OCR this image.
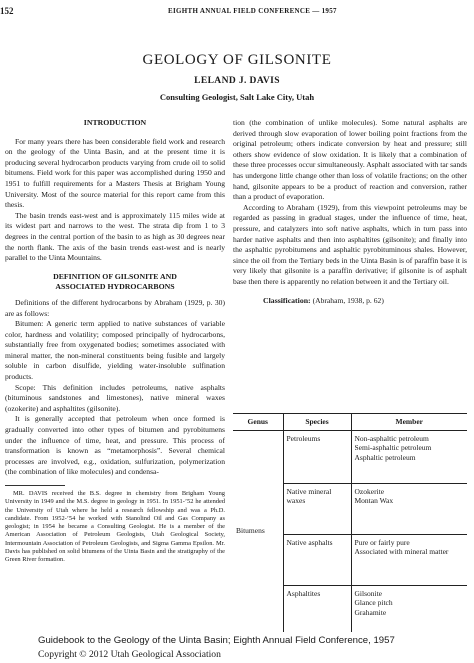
152	EIGHTH ANNUAL FIELD CONFERENCE — 1957
GEOLOGY OF GILSONITE
LELAND J. DAVIS
Consulting Geologist, Salt Lake City, Utah

INTRODUCTION

For many years there has been considerable field work and research on the geology of the Uinta Basin, and at the present time it is producing several hydrocarbon products varying from crude oil to solid bitumens. Field work for this paper was accomplished during 1950 and 1951 to fulfill requirements for a Masters Thesis at Brigham Young University. Most of the source material for this report came from this thesis.

The basin trends east-west and is approximately 115 miles wide at its widest part and narrows to the west. The strata dip from 1 to 3 degrees in the central portion of the basin to as high as 30 degrees near the north flank. The axis of the basin trends east-west and is nearly parallel to the Uinta Mountains.

DEFINITION OF GILSONITE AND

ASSOCIATED HYDROCARBONS

Definitions of the different hydrocarbons by Abraham (1929, p. 30) are as follows:

Bitumen: A generic term applied to native substances of variable color, hardness and volatility; composed principally of hydrocarbons, substantially free from oxygenated bodies; sometimes associated with mineral matter, the non-mineral constituents being fusible and largely soluble in carbon disulfide, yielding water-insoluble sulfination products.

Scope: This definition includes petroleums, native asphalts (bituminous sandstones and limestones), native mineral waxes (ozokerite) and asphaltites (gilsonite).

It is generally accepted that petroleum when once formed is gradually converted into other types of bitumen and pyrobitumens under the influence of time, heat, and pressure. This process of transformation is known as “metamorphosis”. Several chemical processes are involved, e.g., oxidation, sulfurization, polymerization (the combination of like molecules) and condensa-

MR. DAVIS received the B.S. degree in chemistry from Brigham Young University in 1949 and the M.S. degree in geology in 1951. In 1951-’52 he attended the University of Utah where he held a research fellowship and was a Ph.D. candidate. From 1952-’54 he worked with Stanolind Oil and Gas Company as geologist; in 1954 he became a Consulting Geologist. He is a member of the American Association of Petroleum Geologists, Utah Geological Society, Intermountain Association of Petroleum Geologists, and Sigma Gamma Epsilon. Mr. Davis has published on solid bitumens of the Uinta Basin and the stratigraphy of the Green River formation.

tion (the combination of unlike molecules). Some natural asphalts are derived through slow evaporation of lower boiling point fractions from the original petroleum; others indicate conversion by heat and pressure; still others show evidence of slow oxidation. It is likely that a combination of these three processes occur simultaneously. Asphalt associated with tar sands has undergone little change other than loss of volatile fractions; on the other hand, gilsonite appears to be a product of reaction and conversion, rather than a product of evaporation.

According to Abraham (1929), from this viewpoint petroleums may be regarded as passing in gradual stages, under the influence of time, heat, pressure, and catalyzers into soft native asphalts, which in turn pass into harder native asphalts and then into asphaltites (gilsonite); and finally into the asphaltic pyrobitumens and asphaltic pyrobituminous shales. However, since the oil from the Tertiary beds in the Uinta Basin is of paraffin base it is very likely that gilsonite is a paraffin derivative; if gilsonite is of asphalt base then there is apparently no relation between it and the Tertiary oil.

Classification: (Abraham, 1938, p. 62)

Genus	Species	Member
Bitumens	Petroleums	Non-asphaltic petroleum
Semi-asphaltic petroleum
Asphaltic petroleum

	Native mineral waxes	Ozokerite
Montan Wax

	Native asphalts	Pure or fairly pure
Associated with mineral matter

	Asphaltites	Gilsonite
Glance pitch
Grahamite
Guidebook to the Geology of the Uinta Basin; Eighth Annual Field Conference, 1957
Copyright © 2012 Utah Geological Association
